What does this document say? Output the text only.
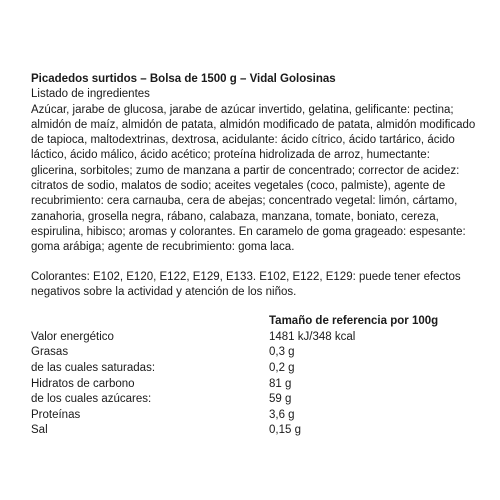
Picadedos surtidos – Bolsa de 1500 g – Vidal Golosinas

Listado de ingredientes

Azúcar, jarabe de glucosa, jarabe de azúcar invertido, gelatina, gelificante: pectina; almidón de maíz, almidón de patata, almidón modificado de patata, almidón modificado de tapioca, maltodextrinas, dextrosa, acidulante: ácido cítrico, ácido tartárico, ácido láctico, ácido málico, ácido acético; proteína hidrolizada de arroz, humectante: glicerina, sorbitoles; zumo de manzana a partir de concentrado; corrector de acidez: citratos de sodio, malatos de sodio; aceites vegetales (coco, palmiste), agente de recubrimiento: cera carnauba, cera de abejas; concentrado vegetal: limón, cártamo, zanahoria, grosella negra, rábano, calabaza, manzana, tomate, boniato, cereza, espirulina, hibisco; aromas y colorantes. En caramelo de goma grageado: espesante: goma arábiga; agente de recubrimiento: goma laca.

Colorantes: E102, E120, E122, E129, E133. E102, E122, E129: puede tener efectos negativos sobre la actividad y atención de los niños.

	Tamaño de referencia por 100g
Valor energético	1481 kJ/348 kcal
Grasas	0,3 g
de las cuales saturadas:	0,2 g
Hidratos de carbono	81 g
de los cuales azúcares:	59 g
Proteínas	3,6 g
Sal	0,15 g
